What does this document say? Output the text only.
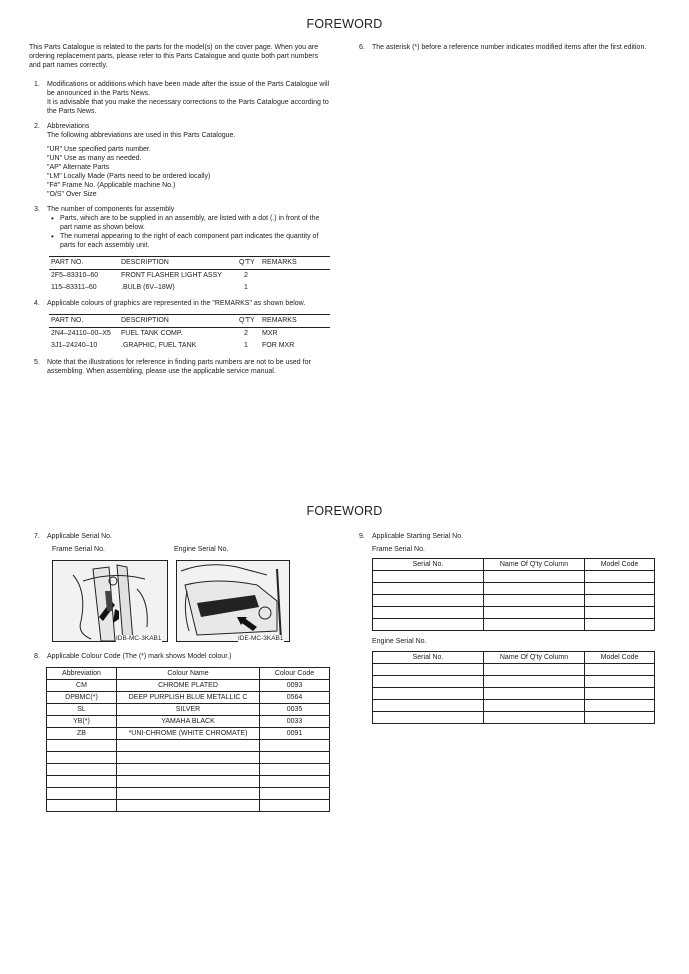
FOREWORD
This Parts Catalogue is related to the parts for the model(s) on the cover page. When you are ordering replacement parts, please refer to this Parts Catalogue and quote both part numbers and part names correctly.
1. Modifications or additions which have been made after the issue of the Parts Catalogue will be announced in the Parts News.
It is advisable that you make the necessary corrections to the Parts Catalogue according to the Parts News.
2. Abbreviations
The following abbreviations are used in this Parts Catalogue.
"UR" Use specified parts number.
"UN" Use as many as needed.
"AP" Alternate Parts
"LM" Locally Made (Parts need to be ordered locally)
"F#" Frame No. (Applicable machine No.)
"O/S" Over Size
3. The number of components for assembly
• Parts, which are to be supplied in an assembly, are listed with a dot (.) in front of the part name as shown below.
• The numeral appearing to the right of each component part indicates the quantity of parts for each assembly unit.
PART NO.	DESCRIPTION	Q'TY	REMARKS
2F5–83310–60	FRONT FLASHER LIGHT ASSY	2	
115–83311–60	.BULB (6V–18W)	1	
4. Applicable colours of graphics are represented in the "REMARKS" as shown below.
PART NO.	DESCRIPTION	Q'TY	REMARKS
2N4–24110–00–X5	FUEL TANK COMP.	2	MXR
3J1–24240–10	.GRAPHIC, FUEL TANK	1	FOR MXR
5. Note that the illustrations for reference in finding parts numbers are not to be used for assembling. When assembling, please use the applicable service manual.
6. The asterisk (*) before a reference number indicates modified items after the first edition.
FOREWORD
7. Applicable Serial No.
Frame Serial No.	Engine Serial No.
IDB-MC-3KAB1	IDE-MC-3KAB1
8. Applicable Colour Code (The (*) mark shows Model colour.)
Abbreviation	Colour Name	Colour Code
CM	CHROME PLATED	0093
DPBMC(*)	DEEP PURPLISH BLUE METALLIC C	0564
SL	SILVER	0035
YB(*)	YAMAHA BLACK	0033
ZB	*UNI-CHROME (WHITE CHROMATE)	0091

9. Applicable Starting Serial No.
Frame Serial No.
Serial No.	Name Of Q'ty Column	Model Code

Engine Serial No.
Serial No.	Name Of Q'ty Column	Model Code
